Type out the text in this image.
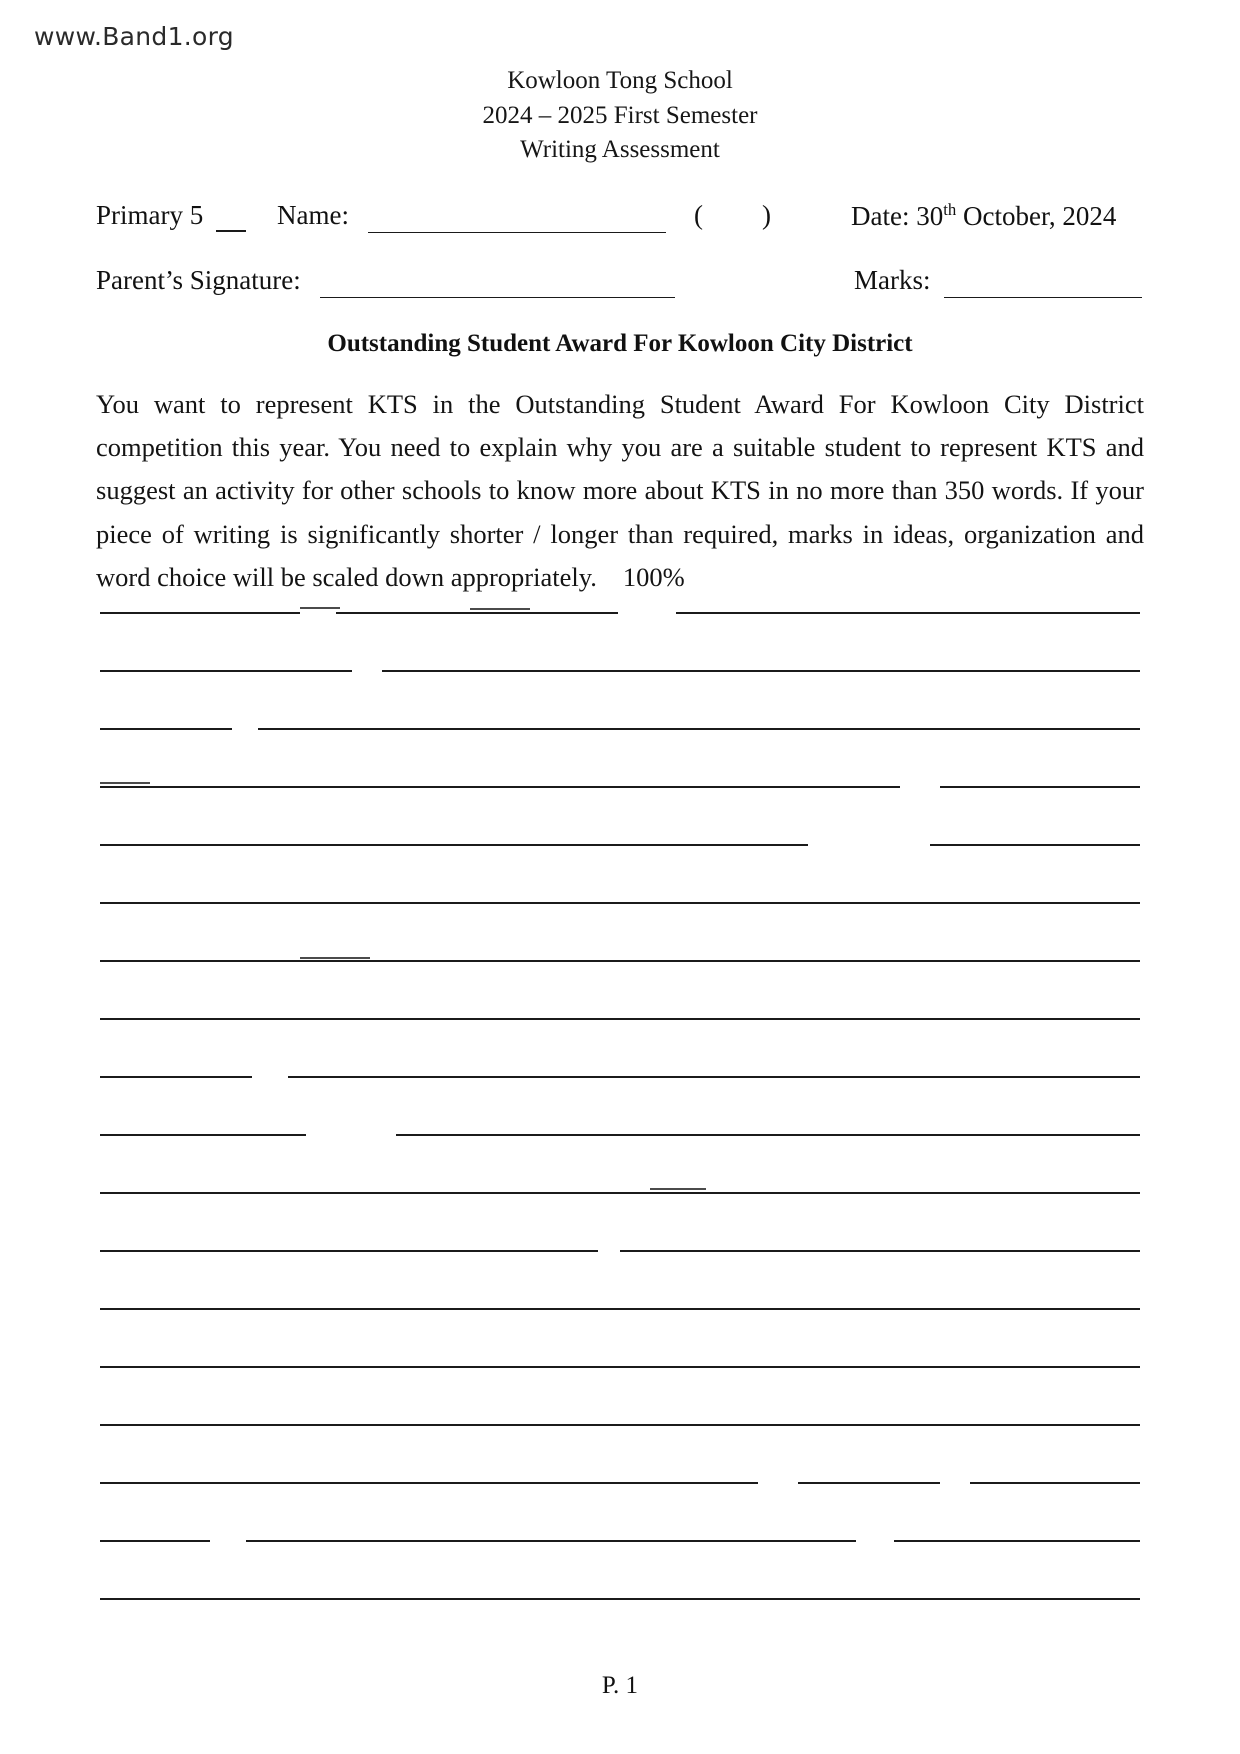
www.Band1.org
Kowloon Tong School
2024 – 2025 First Semester
Writing Assessment
Primary 5	Name:	( )	Date: 30th October, 2024
Parent’s Signature:	Marks:
Outstanding Student Award For Kowloon City District
You want to represent KTS in the Outstanding Student Award For Kowloon City District competition this year. You need to explain why you are a suitable student to represent KTS and suggest an activity for other schools to know more about KTS in no more than 350 words. If your piece of writing is significantly shorter / longer than required, marks in ideas, organization and word choice will be scaled down appropriately. 100%
P. 1
